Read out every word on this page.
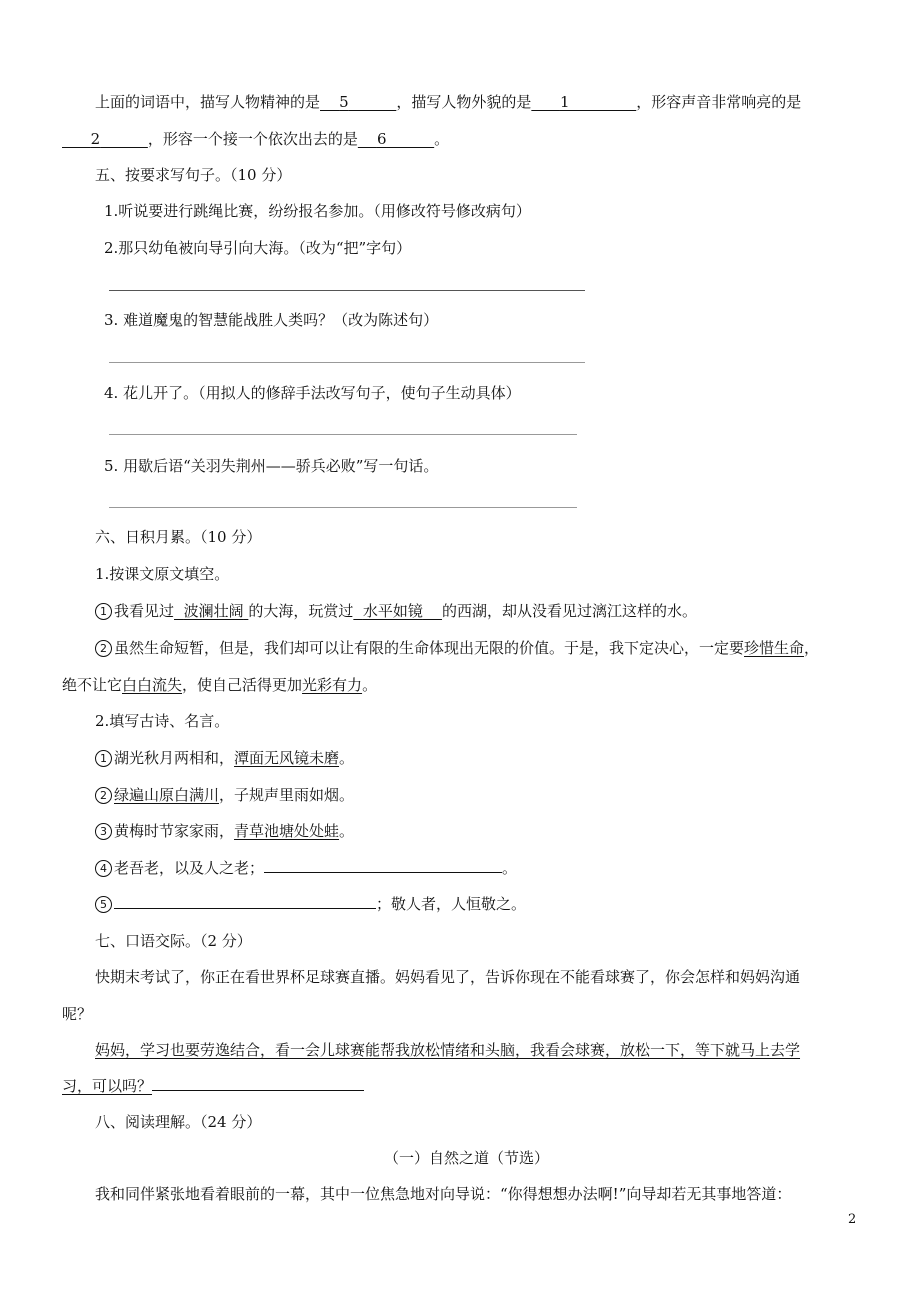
上面的词语中，描写人物精神的是 5	，描写人物外貌的是 1	，形容声音非常响亮的是
2	，形容一个接一个依次出去的是 6	。
五、按要求写句子。（10 分）
1.听说要进行跳绳比赛，纷纷报名参加。（用修改符号修改病句）
2.那只幼龟被向导引向大海。（改为“把”字句）
3. 难道魔鬼的智慧能战胜人类吗？（改为陈述句）
4. 花儿开了。（用拟人的修辞手法改写句子，使句子生动具体）
5. 用歇后语“关羽失荆州——骄兵必败”写一句话。
六、日积月累。（10 分）
1.按课文原文填空。
1 我看见过 波澜壮阔 的大海，玩赏过 水平如镜 的西湖，却从没看见过漓江这样的水。
2 虽然生命短暂，但是，我们却可以让有限的生命体现出无限的价值。于是，我下定决心，一定要珍惜生命，
绝不让它白白流失，使自己活得更加光彩有力。
2.填写古诗、名言。
1 湖光秋月两相和，潭面无风镜未磨。
2 绿遍山原白满川，子规声里雨如烟。
3 黄梅时节家家雨，青草池塘处处蛙。
4 老吾老，以及人之老；	。
5	；敬人者，人恒敬之。
七、口语交际。（2 分）
快期末考试了，你正在看世界杯足球赛直播。妈妈看见了，告诉你现在不能看球赛了，你会怎样和妈妈沟通
呢？
妈妈，学习也要劳逸结合，看一会儿球赛能帮我放松情绪和头脑，我看会球赛，放松一下，等下就马上去学
习，可以吗？
八、阅读理解。（24 分）
（一）自然之道（节选）
我和同伴紧张地看着眼前的一幕，其中一位焦急地对向导说：“你得想想办法啊!”向导却若无其事地答道：
2
